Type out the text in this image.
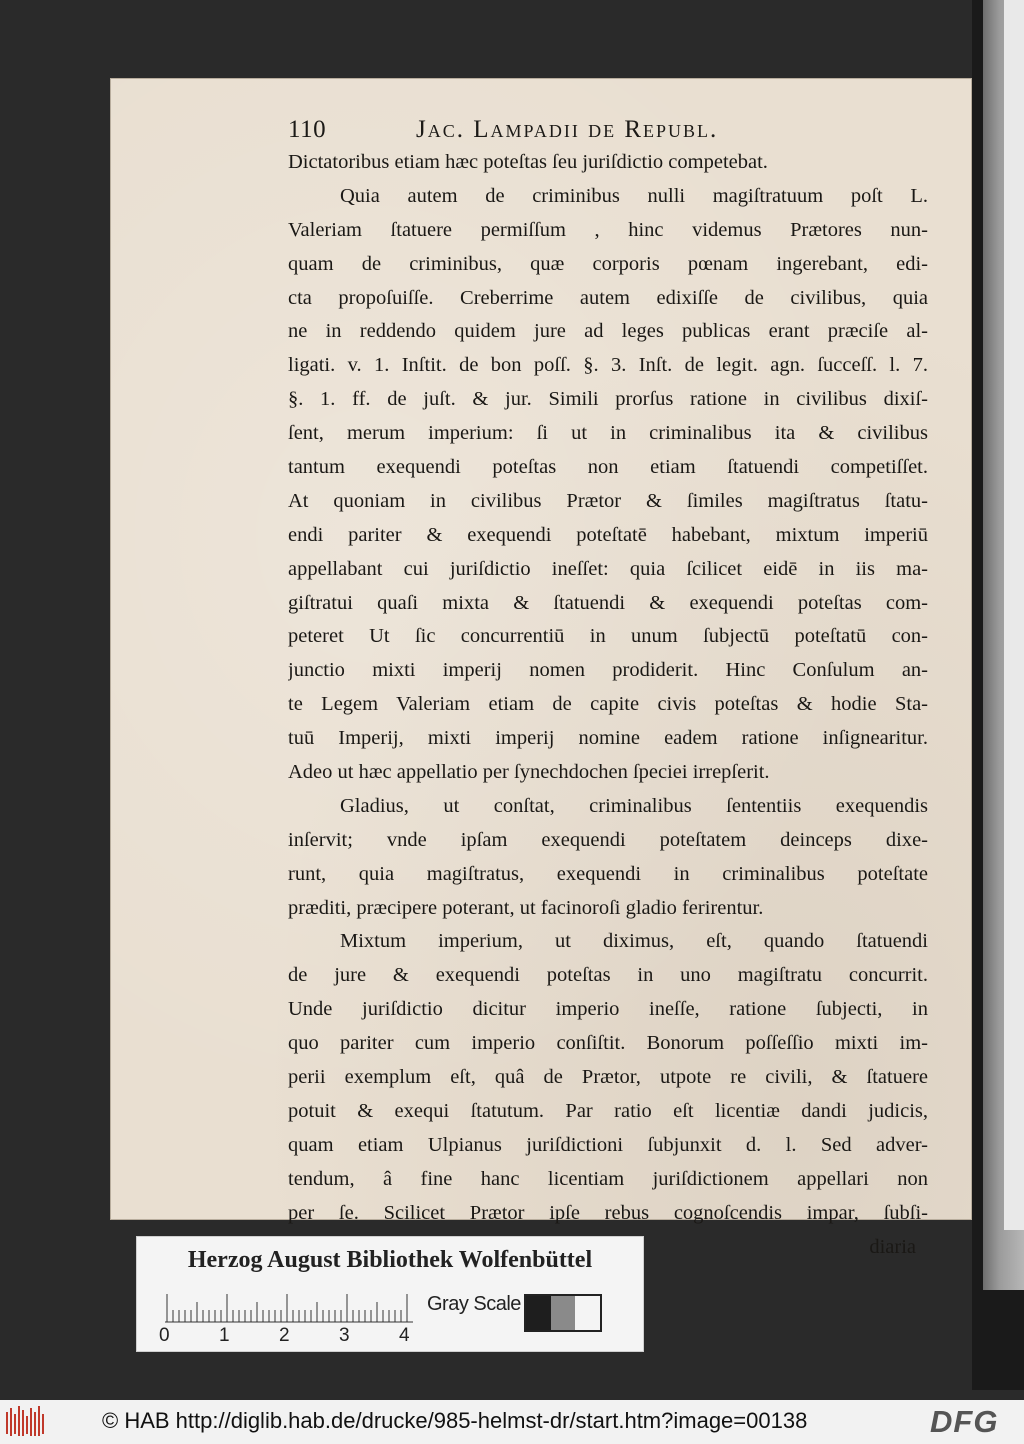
110	Jac. Lampadii de Republ.
Dictatoribus etiam hæc poteſtas ſeu juriſdictio competebat.
Quia autem de criminibus nulli magiſtratuum poſt L.
Valeriam ſtatuere permiſſum , hinc videmus Prætores nun-
quam de criminibus, quæ corporis pœnam ingerebant, edi-
cta propoſuiſſe. Creberrime autem edixiſſe de civilibus, quia
ne in reddendo quidem jure ad leges publicas erant præciſe al-
ligati. v. 1. Inſtit. de bon poſſ. §. 3. Inſt. de legit. agn. ſucceſſ. l. 7.
§. 1. ff. de juſt. & jur. Simili prorſus ratione in civilibus dixiſ-
ſent, merum imperium: ſi ut in criminalibus ita & civilibus
tantum exequendi poteſtas non etiam ſtatuendi competiſſet.
At quoniam in civilibus Prætor & ſimiles magiſtratus ſtatu-
endi pariter & exequendi poteſtatē habebant, mixtum imperiū
appellabant cui juriſdictio ineſſet: quia ſcilicet eidē in iis ma-
giſtratui quaſi mixta & ſtatuendi & exequendi poteſtas com-
peteret Ut ſic concurrentiū in unum ſubjectū poteſtatū con-
junctio mixti imperij nomen prodiderit. Hinc Conſulum an-
te Legem Valeriam etiam de capite civis poteſtas & hodie Sta-
tuū Imperij, mixti imperij nomine eadem ratione inſignearitur.
Adeo ut hæc appellatio per ſynechdochen ſpeciei irrepſerit.
Gladius, ut conſtat, criminalibus ſententiis exequendis
inſervit; vnde ipſam exequendi poteſtatem deinceps dixe-
runt, quia magiſtratus, exequendi in criminalibus poteſtate
præditi, præcipere poterant, ut facinoroſi gladio ferirentur.
Mixtum imperium, ut diximus, eſt, quando ſtatuendi
de jure & exequendi poteſtas in uno magiſtratu concurrit.
Unde juriſdictio dicitur imperio ineſſe, ratione ſubjecti, in
quo pariter cum imperio conſiſtit. Bonorum poſſeſſio mixti im-
perii exemplum eſt, quâ de Prætor, utpote re civili, & ſtatuere
potuit & exequi ſtatutum. Par ratio eſt licentiæ dandi judicis,
quam etiam Ulpianus juriſdictioni ſubjunxit d. l. Sed adver-
tendum, â fine hanc licentiam juriſdictionem appellari non
per ſe. Scilicet Prætor ipſe rebus cognoſcendis impar, ſubſi-
diaria
Herzog August Bibliothek Wolfenbüttel
0	1	2	3	4
Gray Scale
© HAB http://diglib.hab.de/drucke/985-helmst-dr/start.htm?image=00138	DFG
